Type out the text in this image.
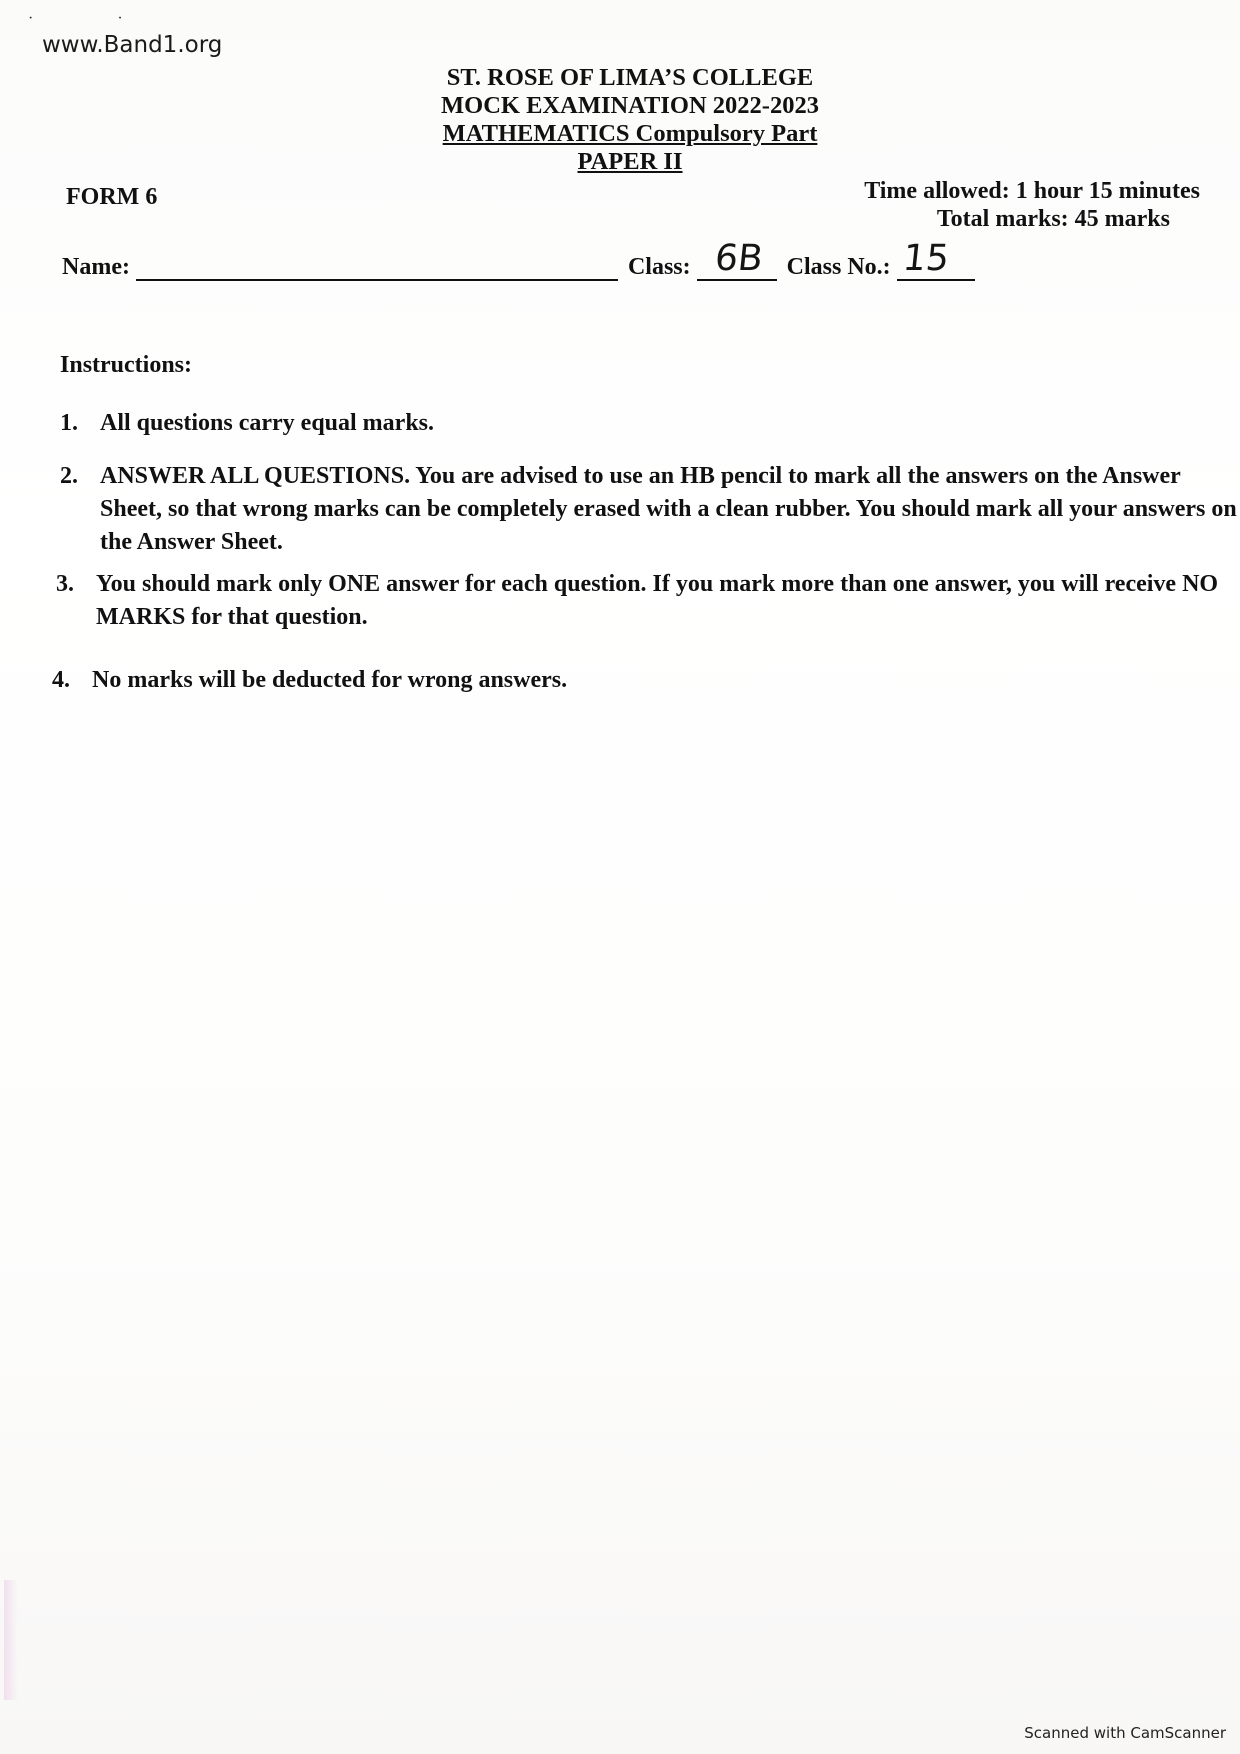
· ·
www.Band1.org
ST. ROSE OF LIMA’S COLLEGE
MOCK EXAMINATION 2022-2023
MATHEMATICS Compulsory Part
PAPER II
FORM 6	Time allowed: 1 hour 15 minutes
Total marks: 45 marks
Name:	Class: 6B Class No.: 15
Instructions:
1. All questions carry equal marks.
2. ANSWER ALL QUESTIONS. You are advised to use an HB pencil to mark all the answers on the Answer Sheet, so that wrong marks can be completely erased with a clean rubber. You should mark all your answers on the Answer Sheet.
3. You should mark only ONE answer for each question. If you mark more than one answer, you will receive NO MARKS for that question.
4. No marks will be deducted for wrong answers.
Scanned with CamScanner
